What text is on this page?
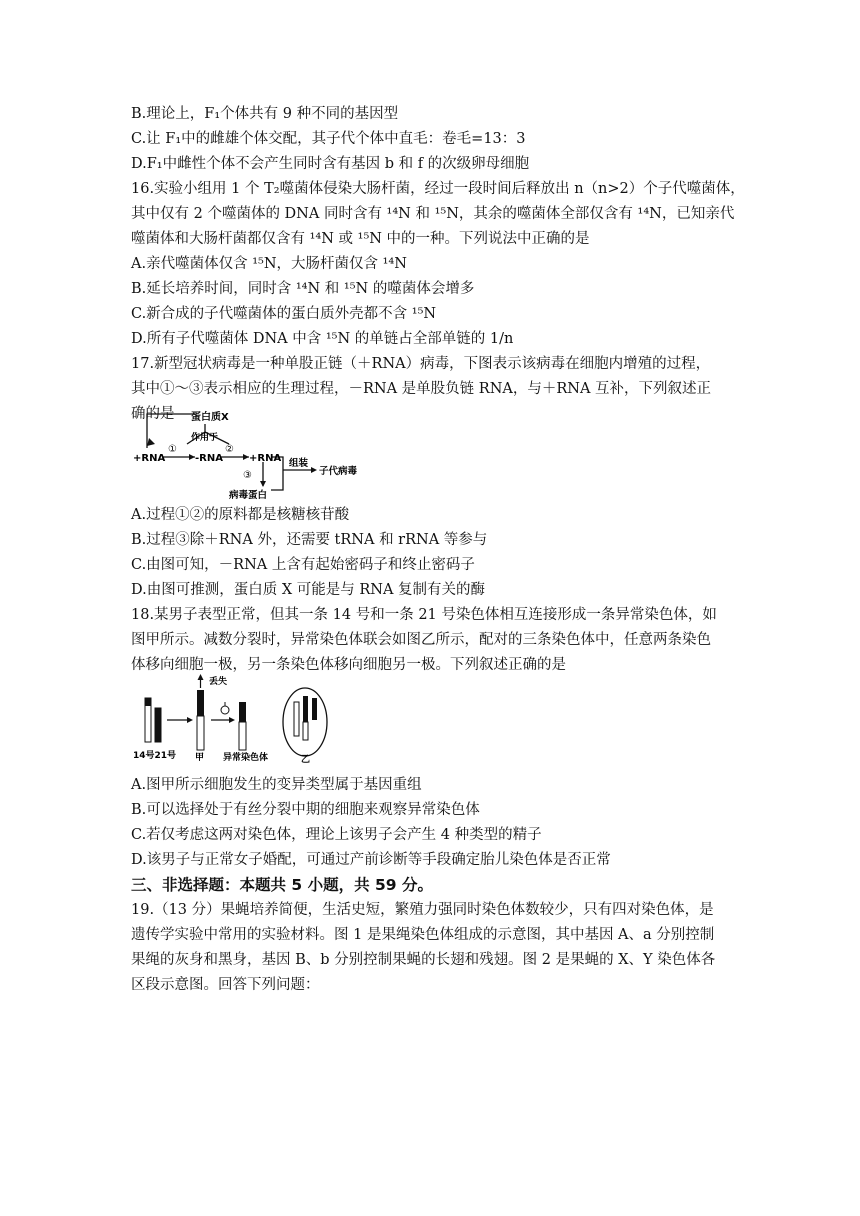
B.理论上，F₁个体共有 9 种不同的基因型
C.让 F₁中的雌雄个体交配，其子代个体中直毛：卷毛=13：3
D.F₁中雌性个体不会产生同时含有基因 b 和 f 的次级卵母细胞
16.实验小组用 1 个 T₂噬菌体侵染大肠杆菌，经过一段时间后释放出 n（n>2）个子代噬菌体，
其中仅有 2 个噬菌体的 DNA 同时含有 ¹⁴N 和 ¹⁵N，其余的噬菌体全部仅含有 ¹⁴N，已知亲代
噬菌体和大肠杆菌都仅含有 ¹⁴N 或 ¹⁵N 中的一种。下列说法中正确的是
A.亲代噬菌体仅含 ¹⁵N，大肠杆菌仅含 ¹⁴N
B.延长培养时间，同时含 ¹⁴N 和 ¹⁵N 的噬菌体会增多
C.新合成的子代噬菌体的蛋白质外壳都不含 ¹⁵N
D.所有子代噬菌体 DNA 中含 ¹⁵N 的单链占全部单链的 1/n
17.新型冠状病毒是一种单股正链（＋RNA）病毒，下图表示该病毒在细胞内增殖的过程，
其中①～③表示相应的生理过程，－RNA 是单股负链 RNA，与＋RNA 互补，下列叙述正
确的是 蛋白质X
作用于
+RNA
①
-RNA
②
+RNA
③
病毒蛋白
组装
子代病毒
A.过程①②的原料都是核糖核苷酸
B.过程③除＋RNA 外，还需要 tRNA 和 rRNA 等参与
C.由图可知，－RNA 上含有起始密码子和终止密码子
D.由图可推测，蛋白质 X 可能是与 RNA 复制有关的酶
18.某男子表型正常，但其一条 14 号和一条 21 号染色体相互连接形成一条异常染色体，如
图甲所示。减数分裂时，异常染色体联会如图乙所示，配对的三条染色体中，任意两条染色
体移向细胞一极，另一条染色体移向细胞另一极。下列叙述正确的是
14号21号
丢失
甲 异常染色体	乙
A.图甲所示细胞发生的变异类型属于基因重组
B.可以选择处于有丝分裂中期的细胞来观察异常染色体
C.若仅考虑这两对染色体，理论上该男子会产生 4 种类型的精子
D.该男子与正常女子婚配，可通过产前诊断等手段确定胎儿染色体是否正常
三、非选择题：本题共 5 小题，共 59 分。
19.（13 分）果蝇培养简便，生活史短，繁殖力强同时染色体数较少，只有四对染色体，是
遗传学实验中常用的实验材料。图 1 是果绳染色体组成的示意图，其中基因 A、a 分别控制
果绳的灰身和黑身，基因 B、b 分别控制果蝇的长翅和残翅。图 2 是果蝇的 X、Y 染色体各
区段示意图。回答下列问题：
